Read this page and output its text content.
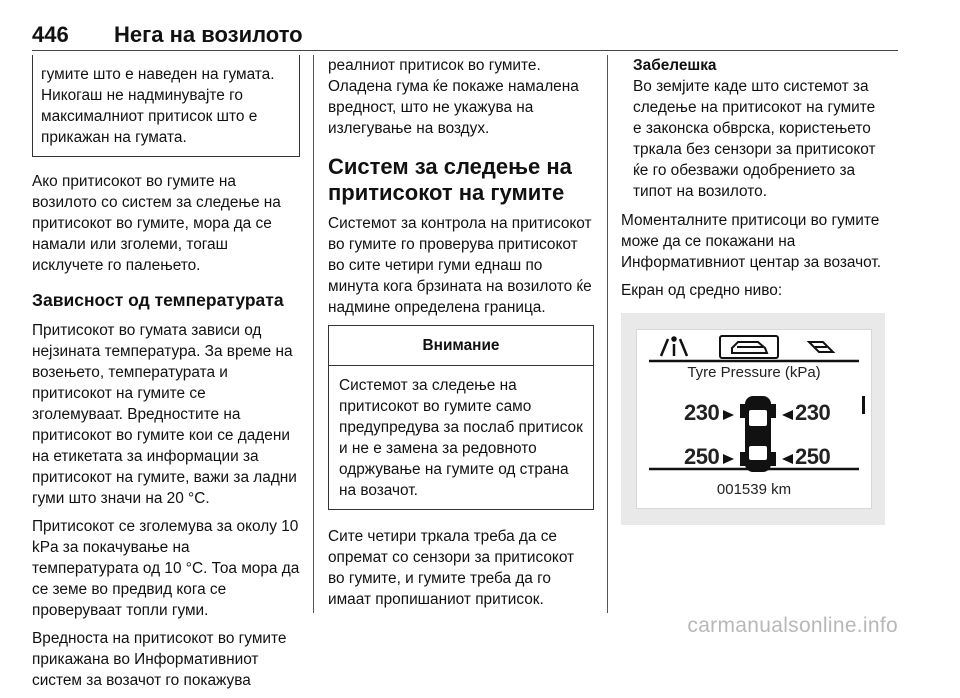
446 Нега на возилото
гумите што е наведен на гумата. Никогаш не надминувајте го максималниот притисок што е прикажан на гумата.

Ако притисокот во гумите на возилото со систем за следење на притисокот во гумите, мора да се намали или зголеми, тогаш исклучете го палењето.

Зависност од температурата

Притисокот во гумата зависи од нејзината температура. За време на возењето, температурата и притисокот на гумите се зголемуваат. Вредностите на притисокот во гумите кои се дадени на етикетата за информации за притисокот на гумите, важи за ладни гуми што значи на 20 °C.

Притисокот се зголемува за околу 10 kPa за покачување на температурата од 10 °C. Тоа мора да се земе во предвид кога се проверуваат топли гуми.

Вредноста на притисокот во гумите прикажана во Информативниот систем за возачот го покажува

реалниот притисок во гумите. Оладена гума ќе покаже намалена вредност, што не укажува на излегување на воздух.

Систем за следење на притисокот на гумите

Системот за контрола на притисокот во гумите го проверува притисокот во сите четири гуми еднаш по минута кога брзината на возилото ќе надмине определена граница.

Внимание
Системот за следење на притисокот во гумите само предупредува за послаб притисок и не е замена за редовното одржување на гумите од страна на возачот.

Сите четири тркала треба да се опремат со сензори за притисокот во гумите, и гумите треба да го имаат пропишаниот притисок.

Забелешка
Во земјите каде што системот за следење на притисокот на гумите е законска обврска, користењето тркала без сензори за притисокот ќе го обезважи одобрението за типот на возилото.

Моменталните притисоци во гумите може да се покажани на Информативниот центар за возачот.

Екран од средно ниво:

Tyre Pressure (kPa)
230	230
250	250
001539 km
carmanualsonline.info
